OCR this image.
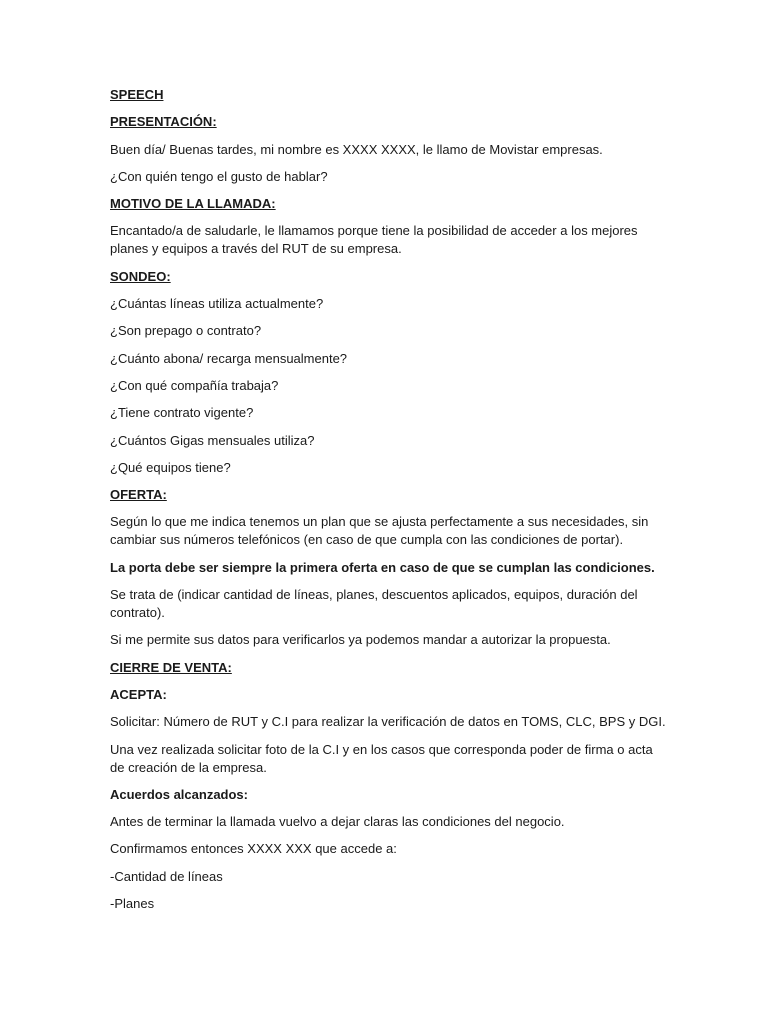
SPEECH

PRESENTACIÓN:

Buen día/ Buenas tardes, mi nombre es XXXX XXXX, le llamo de Movistar empresas.

¿Con quién tengo el gusto de hablar?

MOTIVO DE LA LLAMADA:

Encantado/a de saludarle, le llamamos porque tiene la posibilidad de acceder a los mejores planes y equipos a través del RUT de su empresa.

SONDEO:

¿Cuántas líneas utiliza actualmente?

¿Son prepago o contrato?

¿Cuánto abona/ recarga mensualmente?

¿Con qué compañía trabaja?

¿Tiene contrato vigente?

¿Cuántos Gigas mensuales utiliza?

¿Qué equipos tiene?

OFERTA:

Según lo que me indica tenemos un plan que se ajusta perfectamente a sus necesidades, sin cambiar sus números telefónicos (en caso de que cumpla con las condiciones de portar).

La porta debe ser siempre la primera oferta en caso de que se cumplan las condiciones.

Se trata de (indicar cantidad de líneas, planes, descuentos aplicados, equipos, duración del contrato).

Si me permite sus datos para verificarlos ya podemos mandar a autorizar la propuesta.

CIERRE DE VENTA:

ACEPTA:

Solicitar: Número de RUT y C.I para realizar la verificación de datos en TOMS, CLC, BPS y DGI.

Una vez realizada solicitar foto de la C.I y en los casos que corresponda poder de firma o acta de creación de la empresa.

Acuerdos alcanzados:

Antes de terminar la llamada vuelvo a dejar claras las condiciones del negocio.

Confirmamos entonces XXXX XXX que accede a:

-Cantidad de líneas

-Planes
